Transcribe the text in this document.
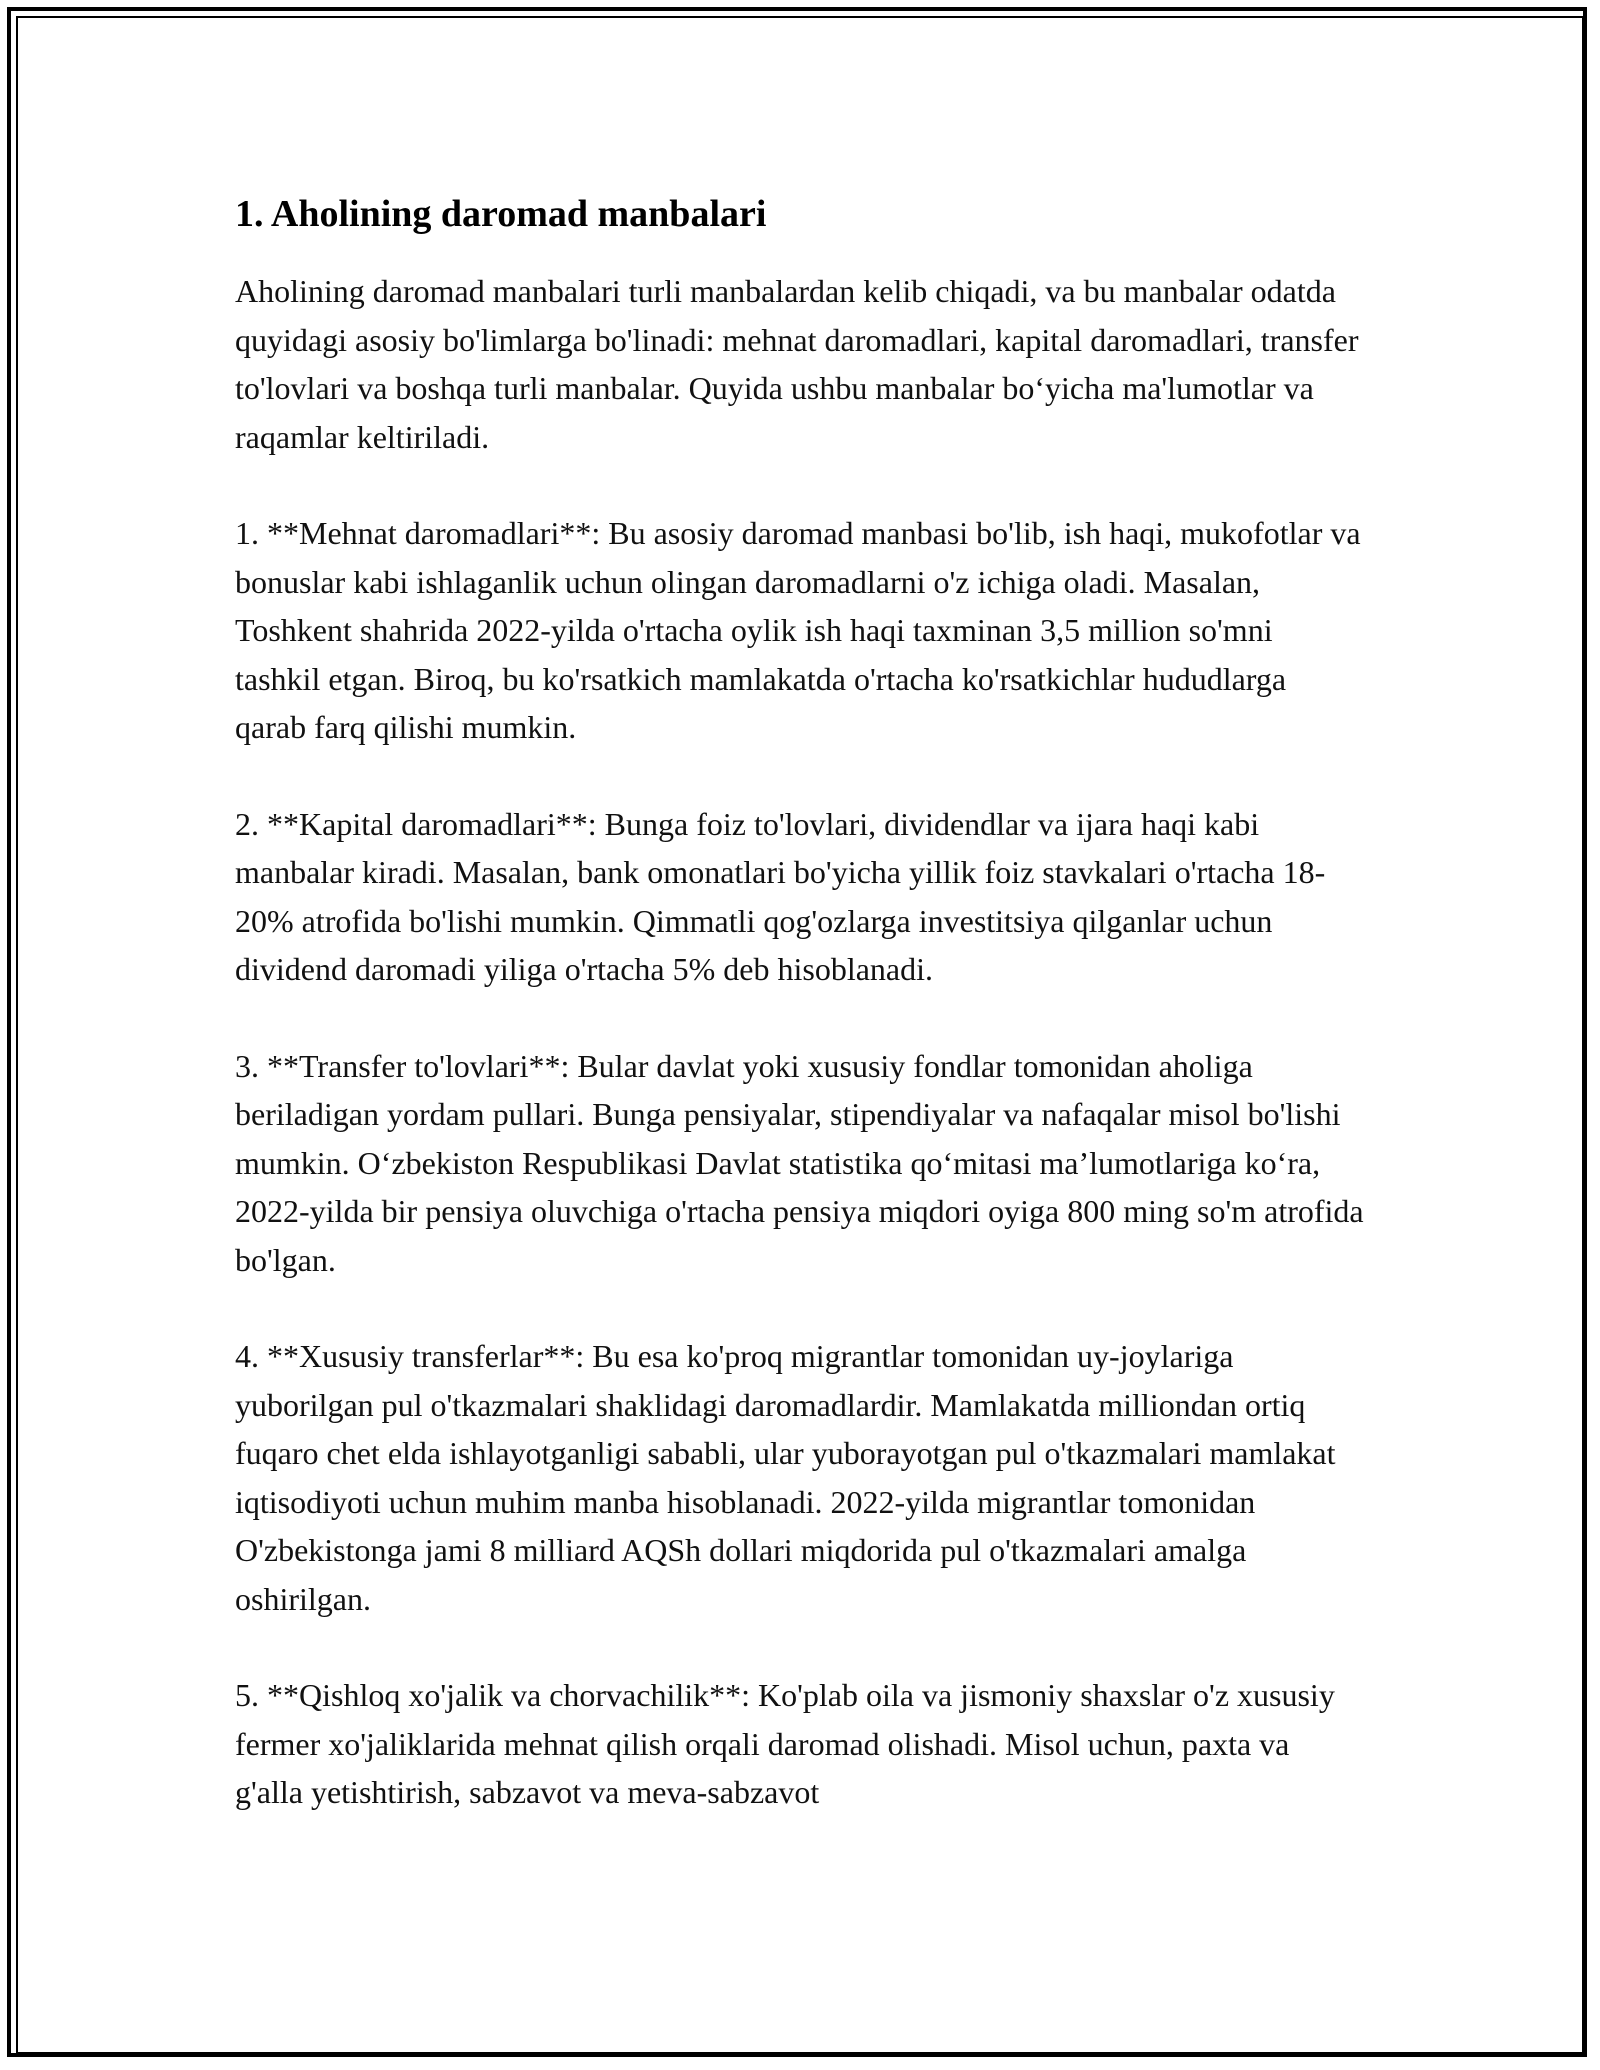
1. Aholining daromad manbalari

Aholining daromad manbalari turli manbalardan kelib chiqadi, va bu manbalar odatda quyidagi asosiy bo'limlarga bo'linadi: mehnat daromadlari, kapital daromadlari, transfer to'lovlari va boshqa turli manbalar. Quyida ushbu manbalar bo‘yicha ma'lumotlar va raqamlar keltiriladi.

1. **Mehnat daromadlari**: Bu asosiy daromad manbasi bo'lib, ish haqi, mukofotlar va bonuslar kabi ishlaganlik uchun olingan daromadlarni o'z ichiga oladi. Masalan, Toshkent shahrida 2022-yilda o'rtacha oylik ish haqi taxminan 3,5 million so'mni tashkil etgan. Biroq, bu ko'rsatkich mamlakatda o'rtacha ko'rsatkichlar hududlarga qarab farq qilishi mumkin.

2. **Kapital daromadlari**: Bunga foiz to'lovlari, dividendlar va ijara haqi kabi manbalar kiradi. Masalan, bank omonatlari bo'yicha yillik foiz stavkalari o'rtacha 18-20% atrofida bo'lishi mumkin. Qimmatli qog'ozlarga investitsiya qilganlar uchun dividend daromadi yiliga o'rtacha 5% deb hisoblanadi.

3. **Transfer to'lovlari**: Bular davlat yoki xususiy fondlar tomonidan aholiga beriladigan yordam pullari. Bunga pensiyalar, stipendiyalar va nafaqalar misol bo'lishi mumkin. O‘zbekiston Respublikasi Davlat statistika qo‘mitasi ma’lumotlariga ko‘ra, 2022-yilda bir pensiya oluvchiga o'rtacha pensiya miqdori oyiga 800 ming so'm atrofida bo'lgan.

4. **Xususiy transferlar**: Bu esa ko'proq migrantlar tomonidan uy-joylariga yuborilgan pul o'tkazmalari shaklidagi daromadlardir. Mamlakatda milliondan ortiq fuqaro chet elda ishlayotganligi sababli, ular yuborayotgan pul o'tkazmalari mamlakat iqtisodiyoti uchun muhim manba hisoblanadi. 2022-yilda migrantlar tomonidan O'zbekistonga jami 8 milliard AQSh dollari miqdorida pul o'tkazmalari amalga oshirilgan.

5. **Qishloq xo'jalik va chorvachilik**: Ko'plab oila va jismoniy shaxslar o'z xususiy fermer xo'jaliklarida mehnat qilish orqali daromad olishadi. Misol uchun, paxta va g'alla yetishtirish, sabzavot va meva-sabzavot
